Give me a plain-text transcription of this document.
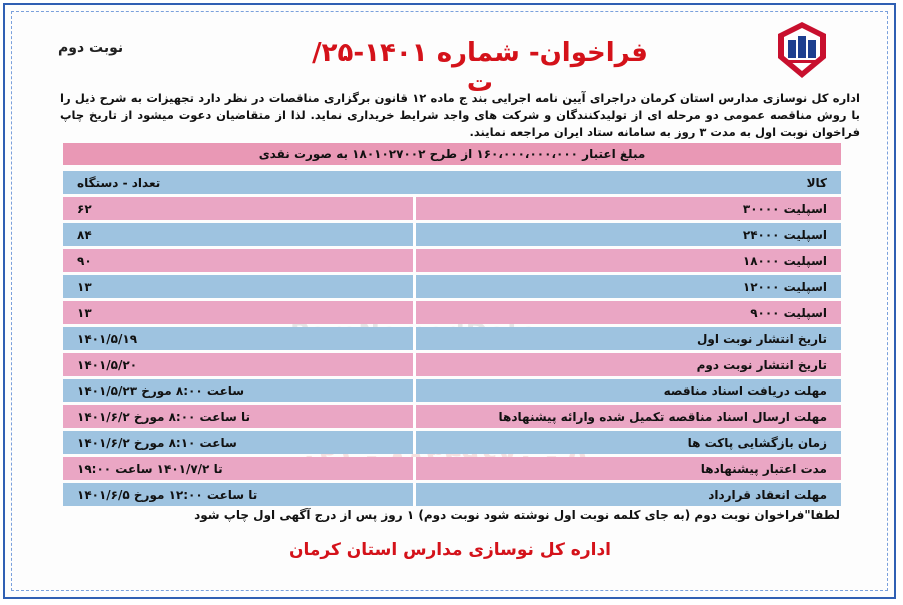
نوبت دوم	فراخوان- شماره ۱۴۰۱-۲۵/ ت
اداره کل نوسازی مدارس استان کرمان دراجرای آیین نامه اجرایی بند ج ماده ۱۲ قانون برگزاری مناقصات در نظر دارد تجهیزات به شرح ذیل را با روش مناقصه عمومی دو مرحله ای از تولیدکنندگان و شرکت های واجد شرایط خریداری نماید. لذا از متقاضیان دعوت میشود از تاریخ چاپ فراخوان نوبت اول به مدت ۳ روز به سامانه ستاد ایران مراجعه نمایند.
مبلغ اعتبار ۱۶۰،۰۰۰،۰۰۰،۰۰۰ از طرح ۱۸۰۱۰۲۷۰۰۲ به صورت نقدی
کالا	تعداد - دستگاه
اسپلیت ۳۰۰۰۰	۶۲
اسپلیت ۲۴۰۰۰	۸۴
اسپلیت ۱۸۰۰۰	۹۰
اسپلیت ۱۲۰۰۰	۱۳
اسپلیت ۹۰۰۰	۱۳
تاریخ انتشار نوبت اول	۱۴۰۱/۵/۱۹
تاریخ انتشار نوبت دوم	۱۴۰۱/۵/۲۰
مهلت دریافت اسناد مناقصه	ساعت ۸:۰۰ مورخ ۱۴۰۱/۵/۲۳
مهلت ارسال اسناد مناقصه تکمیل شده وارائه پیشنهادها	تا ساعت ۸:۰۰ مورخ ۱۴۰۱/۶/۲
زمان بازگشایی پاکت ها	ساعت ۸:۱۰ مورخ ۱۴۰۱/۶/۲
مدت اعتبار پیشنهادها	تا ۱۴۰۱/۷/۲ ساعت ۱۹:۰۰
مهلت انعقاد قرارداد	تا ساعت ۱۲:۰۰ مورخ ۱۴۰۱/۶/۵
لطفا"فراخوان نوبت دوم (به جای کلمه نوبت اول نوشته شود نوبت دوم) ۱ روز پس از درج آگهی اول چاپ شود
اداره کل نوسازی مدارس استان کرمان
